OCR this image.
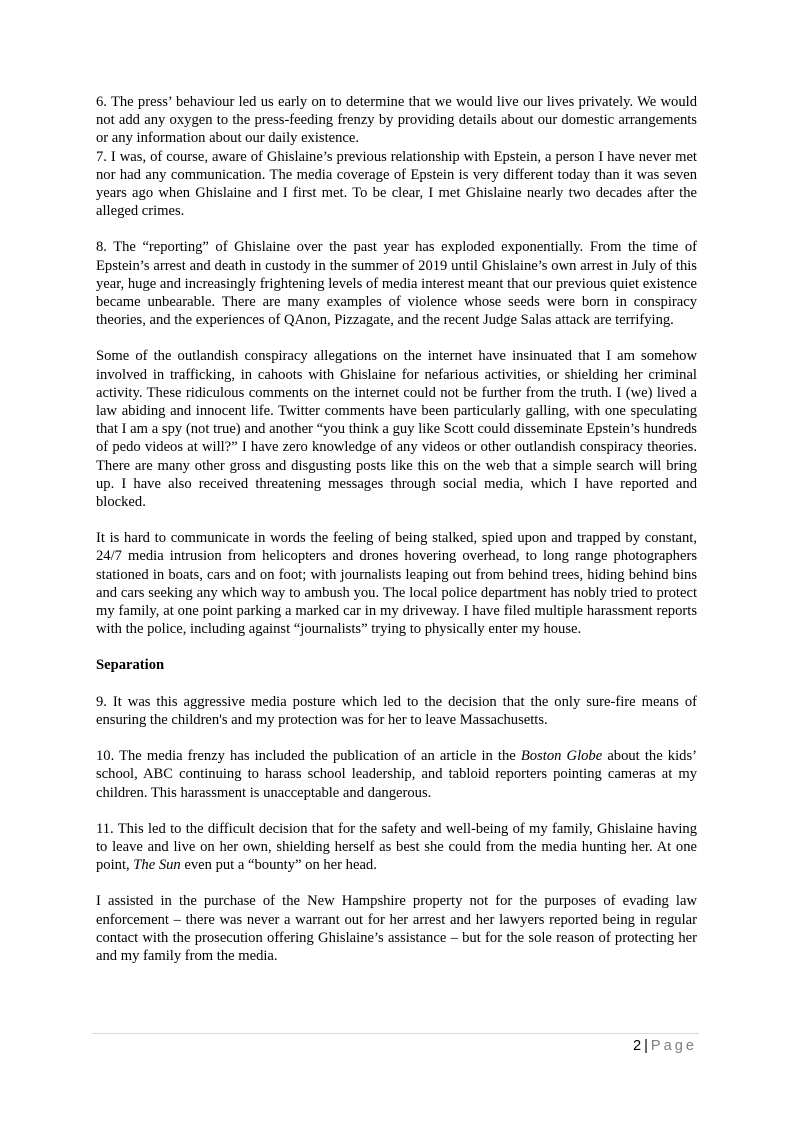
6. The press’ behaviour led us early on to determine that we would live our lives privately. We would not add any oxygen to the press-feeding frenzy by providing details about our domestic arrangements or any information about our daily existence.

7. I was, of course, aware of Ghislaine’s previous relationship with Epstein, a person I have never met nor had any communication. The media coverage of Epstein is very different today than it was seven years ago when Ghislaine and I first met. To be clear, I met Ghislaine nearly two decades after the alleged crimes.

8. The “reporting” of Ghislaine over the past year has exploded exponentially. From the time of Epstein’s arrest and death in custody in the summer of 2019 until Ghislaine’s own arrest in July of this year, huge and increasingly frightening levels of media interest meant that our previous quiet existence became unbearable. There are many examples of violence whose seeds were born in conspiracy theories, and the experiences of QAnon, Pizzagate, and the recent Judge Salas attack are terrifying.

Some of the outlandish conspiracy allegations on the internet have insinuated that I am somehow involved in trafficking, in cahoots with Ghislaine for nefarious activities, or shielding her criminal activity. These ridiculous comments on the internet could not be further from the truth. I (we) lived a law abiding and innocent life. Twitter comments have been particularly galling, with one speculating that I am a spy (not true) and another “you think a guy like Scott could disseminate Epstein’s hundreds of pedo videos at will?” I have zero knowledge of any videos or other outlandish conspiracy theories. There are many other gross and disgusting posts like this on the web that a simple search will bring up. I have also received threatening messages through social media, which I have reported and blocked.

It is hard to communicate in words the feeling of being stalked, spied upon and trapped by constant, 24/7 media intrusion from helicopters and drones hovering overhead, to long range photographers stationed in boats, cars and on foot; with journalists leaping out from behind trees, hiding behind bins and cars seeking any which way to ambush you. The local police department has nobly tried to protect my family, at one point parking a marked car in my driveway. I have filed multiple harassment reports with the police, including against “journalists” trying to physically enter my house.

Separation

9. It was this aggressive media posture which led to the decision that the only sure-fire means of ensuring the children's and my protection was for her to leave Massachusetts.

10. The media frenzy has included the publication of an article in the Boston Globe about the kids’ school, ABC continuing to harass school leadership, and tabloid reporters pointing cameras at my children. This harassment is unacceptable and dangerous.

11. This led to the difficult decision that for the safety and well-being of my family, Ghislaine having to leave and live on her own, shielding herself as best she could from the media hunting her. At one point, The Sun even put a “bounty” on her head.

I assisted in the purchase of the New Hampshire property not for the purposes of evading law enforcement – there was never a warrant out for her arrest and her lawyers reported being in regular contact with the prosecution offering Ghislaine’s assistance – but for the sole reason of protecting her and my family from the media.

2 | Page
